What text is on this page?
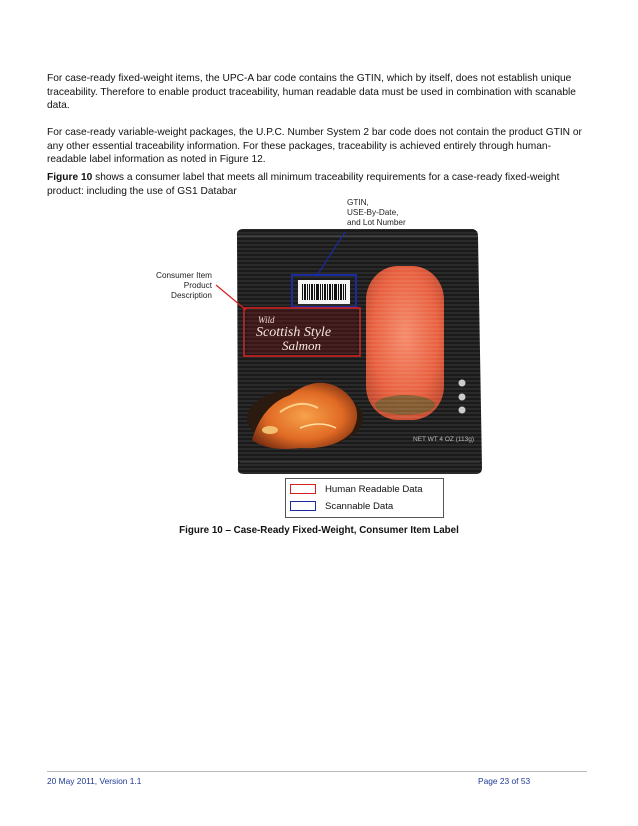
For case-ready fixed-weight items, the UPC-A bar code contains the GTIN, which by itself, does not establish unique traceability. Therefore to enable product traceability, human readable data must be used in combination with scanable data.

For case-ready variable-weight packages, the U.P.C. Number System 2 bar code does not contain the product GTIN or any other essential traceability information. For these packages, traceability is achieved entirely through human-readable label information as noted in Figure 12.

Figure 10 shows a consumer label that meets all minimum traceability requirements for a case-ready fixed-weight product: including the use of GS1 Databar

Wild
Scottish Style
Salmon
NET WT 4 OZ (113g)
GTIN,
USE-By-Date,
and Lot Number
Consumer Item
Product
Description
Human Readable Data
Scannable Data
Figure 10 – Case-Ready Fixed-Weight, Consumer Item Label
20 May 2011, Version 1.1	Page 23 of 53
